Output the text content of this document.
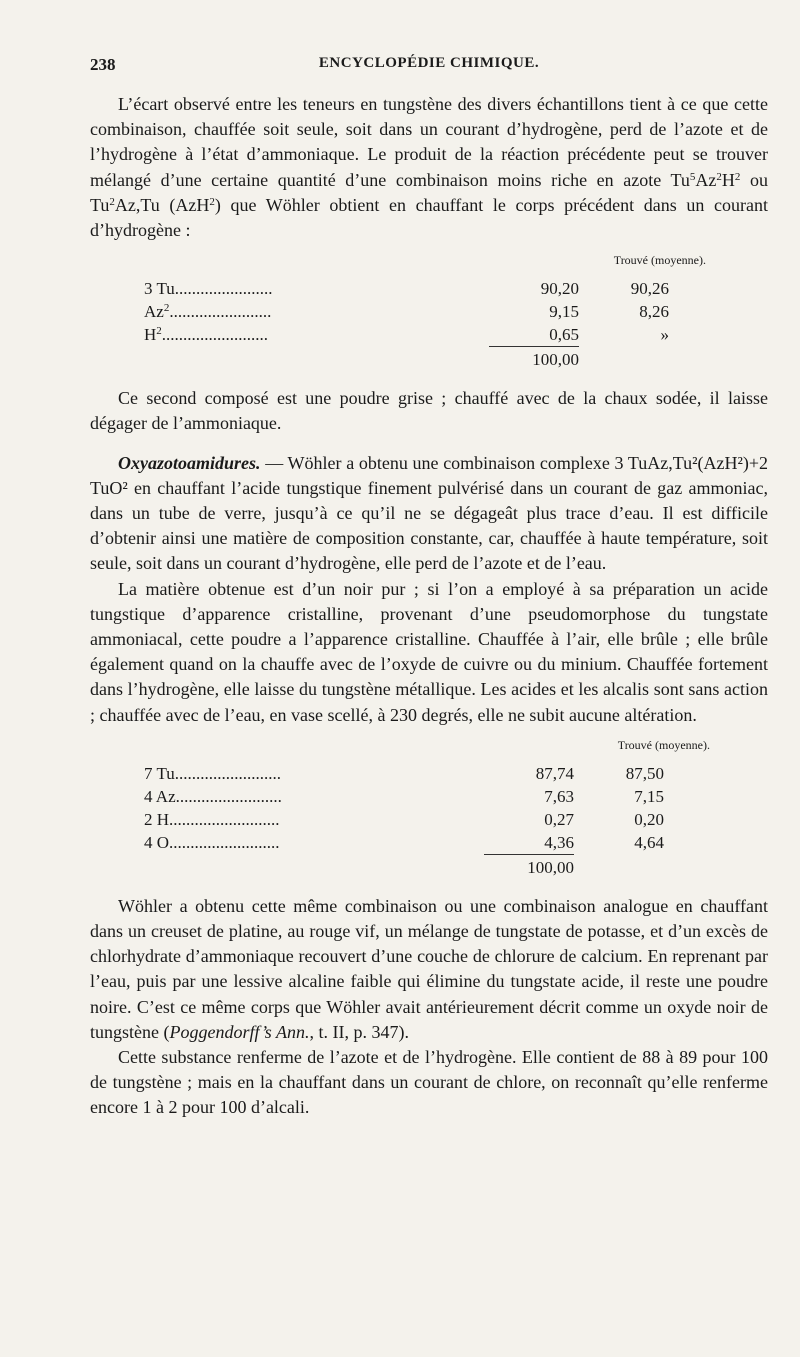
238	ENCYCLOPÉDIE CHIMIQUE.

L’écart observé entre les teneurs en tungstène des divers échantillons tient à ce que cette combinaison, chauffée soit seule, soit dans un courant d’hydrogène, perd de l’azote et de l’hydrogène à l’état d’ammoniaque. Le produit de la réaction précédente peut se trouver mélangé d’une certaine quantité d’une combinaison moins riche en azote $Tu^5Az^2H^2$ ou Tu$^2$Az,Tu (AzH$^2$) que Wöhler obtient en chauffant le corps précédent dans un courant d’hydrogène :

Trouvé (moyenne).
3 Tu.......................	90,20	90,26
Az$^2$........................	9,15	8,26
$H^2$.........................	0,65	»
100,00

Ce second composé est une poudre grise ; chauffé avec de la chaux sodée, il laisse dégager de l’ammoniaque.

Oxyazotoamidures. — Wöhler a obtenu une combinaison complexe 3 TuAz,Tu²(AzH²)+2 TuO² en chauffant l’acide tungstique finement pulvérisé dans un courant de gaz ammoniac, dans un tube de verre, jusqu’à ce qu’il ne se dégageât plus trace d’eau. Il est difficile d’obtenir ainsi une matière de composition constante, car, chauffée à haute température, soit seule, soit dans un courant d’hydrogène, elle perd de l’azote et de l’eau.

La matière obtenue est d’un noir pur ; si l’on a employé à sa préparation un acide tungstique d’apparence cristalline, provenant d’une pseudomorphose du tungstate ammoniacal, cette poudre a l’apparence cristalline. Chauffée à l’air, elle brûle ; elle brûle également quand on la chauffe avec de l’oxyde de cuivre ou du minium. Chauffée fortement dans l’hydrogène, elle laisse du tungstène métallique. Les acides et les alcalis sont sans action ; chauffée avec de l’eau, en vase scellé, à 230 degrés, elle ne subit aucune altération.

Trouvé (moyenne).
7 Tu.........................	87,74	87,50
4 Az.........................	7,63	7,15
2 H..........................	0,27	0,20
4 O..........................	4,36	4,64
100,00

Wöhler a obtenu cette même combinaison ou une combinaison analogue en chauffant dans un creuset de platine, au rouge vif, un mélange de tungstate de potasse, et d’un excès de chlorhydrate d’ammoniaque recouvert d’une couche de chlorure de calcium. En reprenant par l’eau, puis par une lessive alcaline faible qui élimine du tungstate acide, il reste une poudre noire. C’est ce même corps que Wöhler avait antérieurement décrit comme un oxyde noir de tungstène (Poggendorff’s Ann., t. II, p. 347).

Cette substance renferme de l’azote et de l’hydrogène. Elle contient de 88 à 89 pour 100 de tungstène ; mais en la chauffant dans un courant de chlore, on reconnaît qu’elle renferme encore 1 à 2 pour 100 d’alcali.
